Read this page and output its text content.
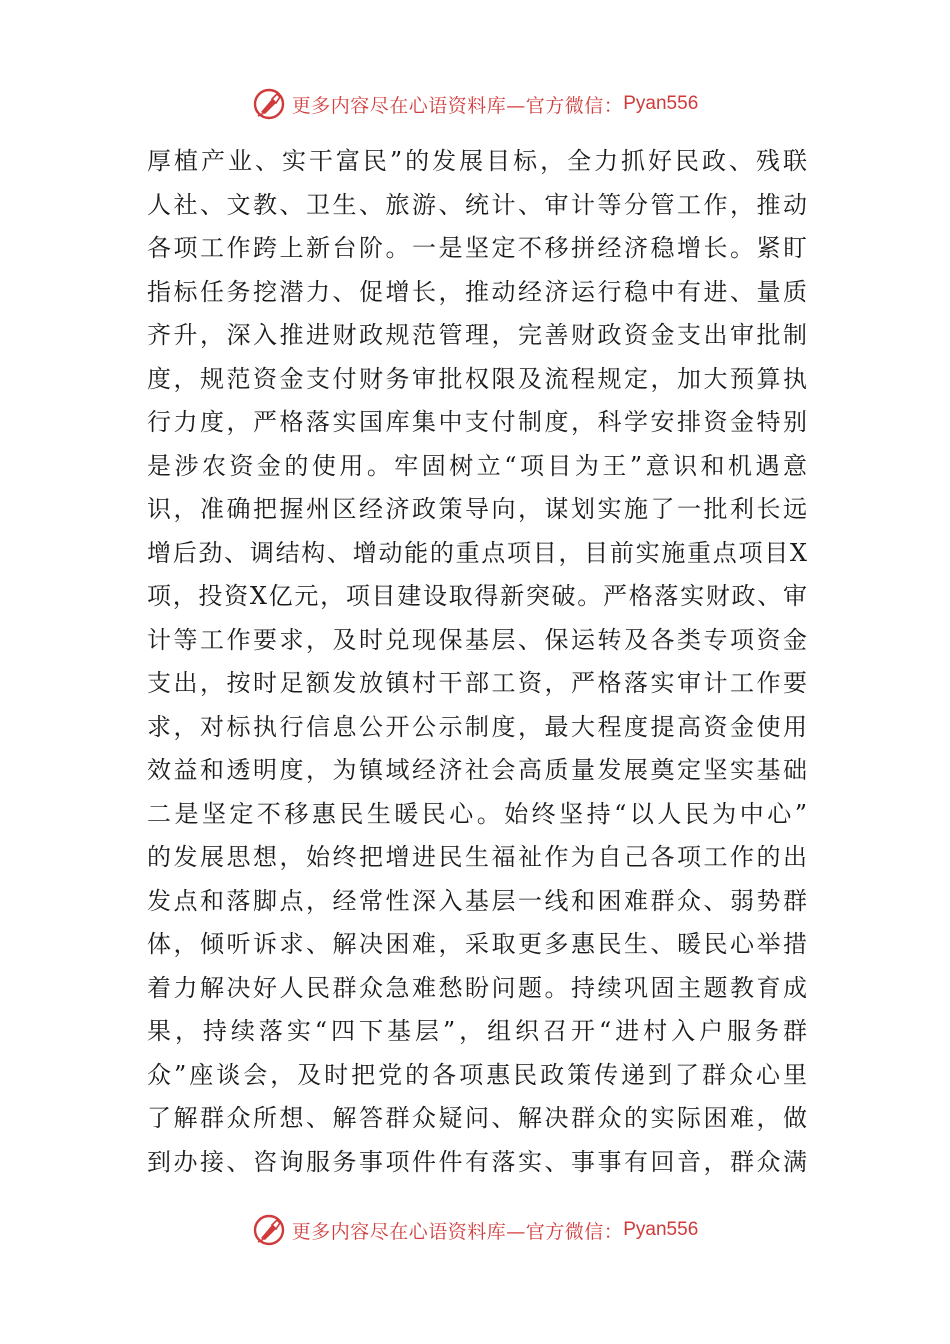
更多内容尽在心语资料库—官方微信： Pyan556
厚植产业、实干富民”的发展目标，全力抓好民政、残联
人社、文教、卫生、旅游、统计、审计等分管工作，推动
各项工作跨上新台阶。一是坚定不移拼经济稳增长。紧盯
指标任务挖潜力、促增长，推动经济运行稳中有进、量质
齐升，深入推进财政规范管理，完善财政资金支出审批制
度，规范资金支付财务审批权限及流程规定，加大预算执
行力度，严格落实国库集中支付制度，科学安排资金特别
是涉农资金的使用。牢固树立“项目为王”意识和机遇意
识，准确把握州区经济政策导向，谋划实施了一批利长远
增后劲、调结构、增动能的重点项目，目前实施重点项目X
项，投资X亿元，项目建设取得新突破。严格落实财政、审
计等工作要求，及时兑现保基层、保运转及各类专项资金
支出，按时足额发放镇村干部工资，严格落实审计工作要
求，对标执行信息公开公示制度，最大程度提高资金使用
效益和透明度，为镇域经济社会高质量发展奠定坚实基础
二是坚定不移惠民生暖民心。始终坚持“以人民为中心”
的发展思想，始终把增进民生福祉作为自己各项工作的出
发点和落脚点，经常性深入基层一线和困难群众、弱势群
体，倾听诉求、解决困难，采取更多惠民生、暖民心举措
着力解决好人民群众急难愁盼问题。持续巩固主题教育成
果，持续落实“四下基层”，组织召开“进村入户服务群
众”座谈会，及时把党的各项惠民政策传递到了群众心里
了解群众所想、解答群众疑问、解决群众的实际困难，做
到办接、咨询服务事项件件有落实、事事有回音，群众满
更多内容尽在心语资料库—官方微信： Pyan556
